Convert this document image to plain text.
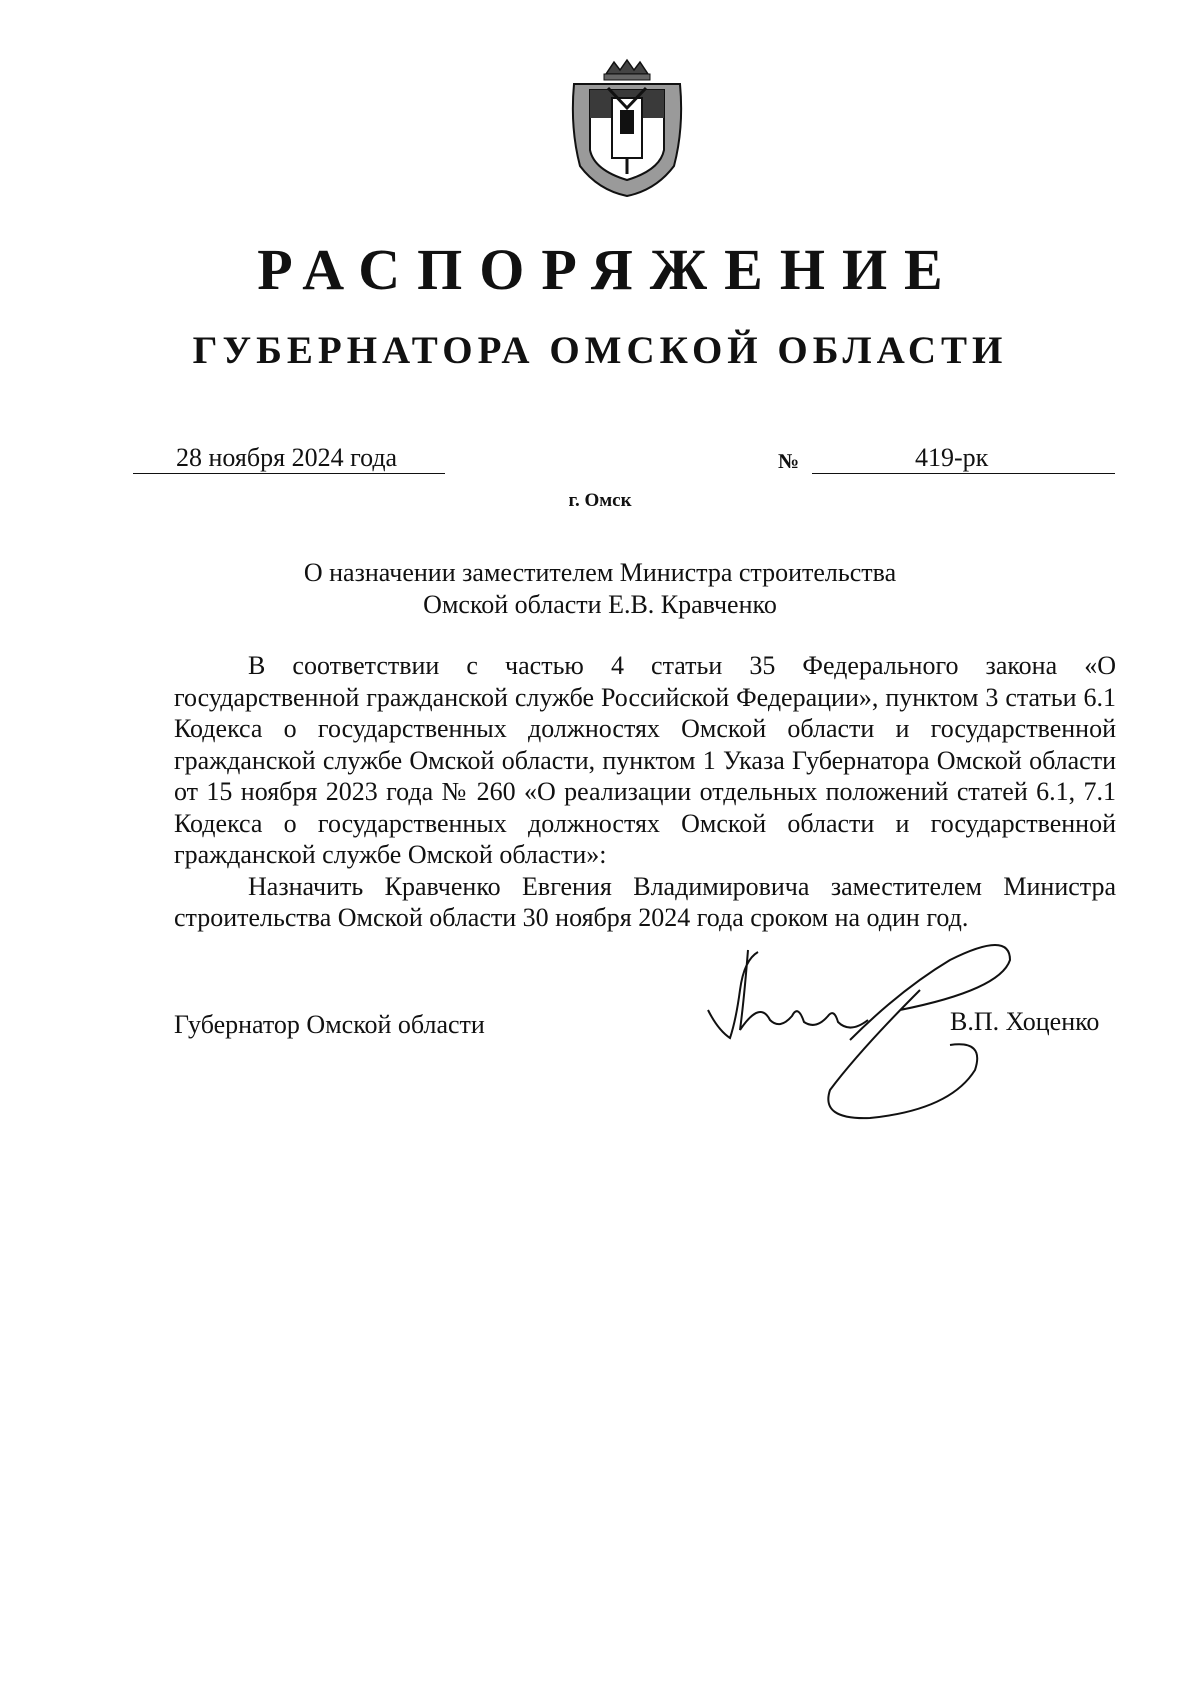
РАСПОРЯЖЕНИЕ
ГУБЕРНАТОРА ОМСКОЙ ОБЛАСТИ
28 ноября 2024 года	№	419-рк
г. Омск
О назначении заместителем Министра строительства
Омской области Е.В. Кравченко

В соответствии с частью 4 статьи 35 Федерального закона «О государственной гражданской службе Российской Федерации», пунктом 3 статьи 6.1 Кодекса о государственных должностях Омской области и государственной гражданской службе Омской области, пунктом 1 Указа Губернатора Омской области от 15 ноября 2023 года № 260 «О реализации отдельных положений статей 6.1, 7.1 Кодекса о государственных должностях Омской области и государственной гражданской службе Омской области»:

Назначить Кравченко Евгения Владимировича заместителем Министра строительства Омской области 30 ноября 2024 года сроком на один год.

Губернатор Омской области	В.П. Хоценко
